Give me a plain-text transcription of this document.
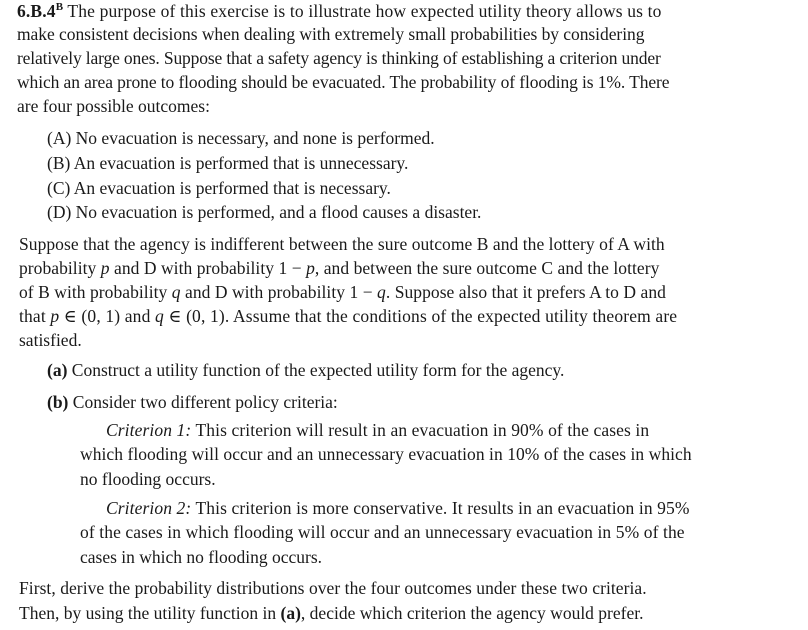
$6.B.4^B$ The purpose of this exercise is to illustrate how expected utility theory allows us to
make consistent decisions when dealing with extremely small probabilities by considering
relatively large ones. Suppose that a safety agency is thinking of establishing a criterion under
which an area prone to flooding should be evacuated. The probability of flooding is 1%. There
are four possible outcomes:
(A) No evacuation is necessary, and none is performed.
(B) An evacuation is performed that is unnecessary.
(C) An evacuation is performed that is necessary.
(D) No evacuation is performed, and a flood causes a disaster.
Suppose that the agency is indifferent between the sure outcome B and the lottery of A with
probability p and D with probability 1 − p, and between the sure outcome C and the lottery
of B with probability q and D with probability 1 − q. Suppose also that it prefers A to D and
that p ∈ (0, 1) and q ∈ (0, 1). Assume that the conditions of the expected utility theorem are
satisfied.
(a) Construct a utility function of the expected utility form for the agency.
(b) Consider two different policy criteria:
Criterion 1: This criterion will result in an evacuation in 90% of the cases in
which flooding will occur and an unnecessary evacuation in 10% of the cases in which
no flooding occurs.
Criterion 2: This criterion is more conservative. It results in an evacuation in 95%
of the cases in which flooding will occur and an unnecessary evacuation in 5% of the
cases in which no flooding occurs.
First, derive the probability distributions over the four outcomes under these two criteria.
Then, by using the utility function in (a), decide which criterion the agency would prefer.
